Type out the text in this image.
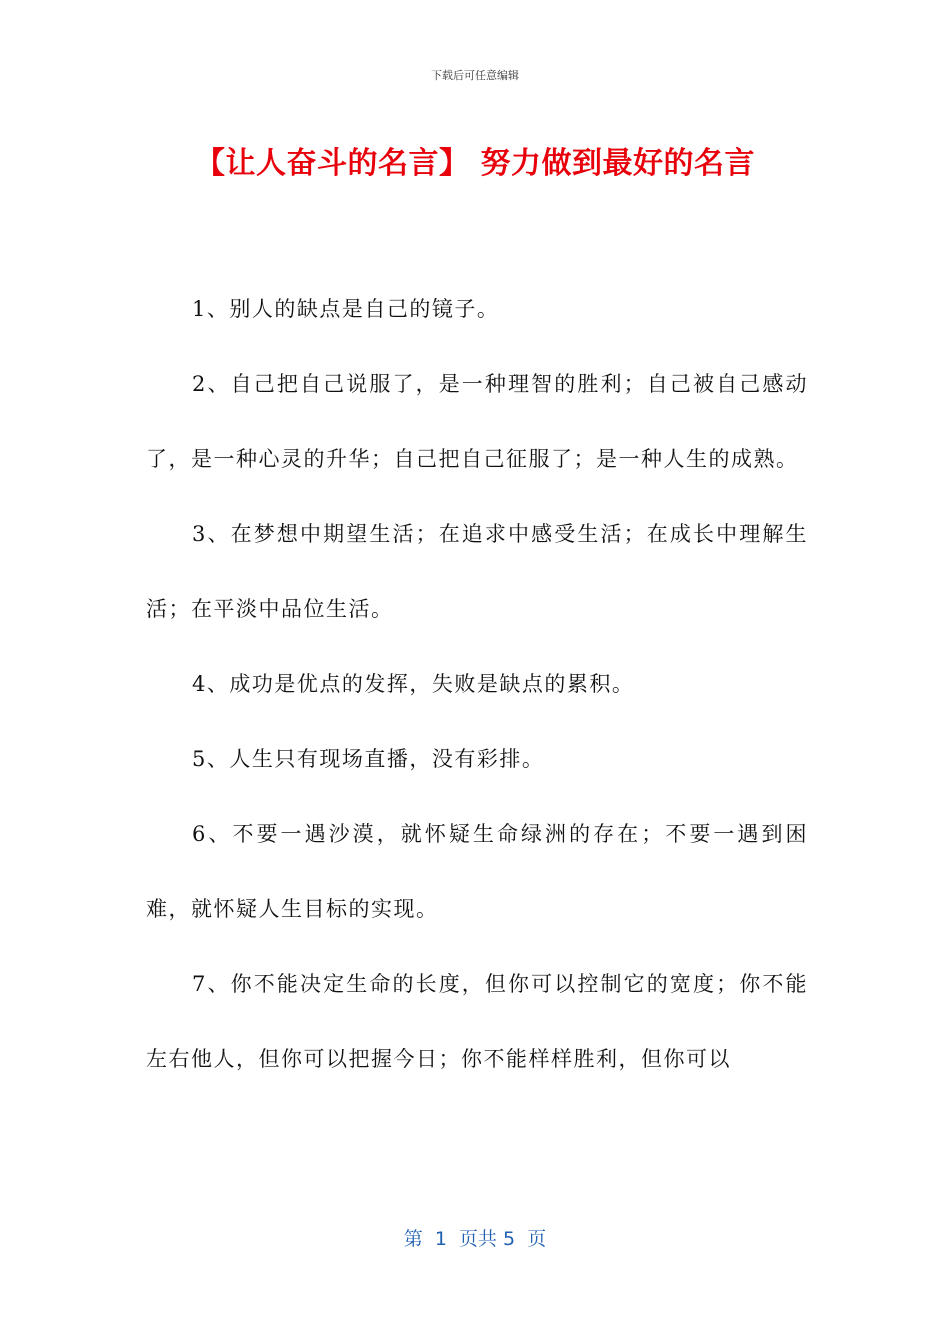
下载后可任意编辑
【让人奋斗的名言】 努力做到最好的名言

1、别人的缺点是自己的镜子。

2、自己把自己说服了，是一种理智的胜利；自己被自己感动了，是一种心灵的升华；自己把自己征服了；是一种人生的成熟。

3、在梦想中期望生活；在追求中感受生活；在成长中理解生活；在平淡中品位生活。

4、成功是优点的发挥，失败是缺点的累积。

5、人生只有现场直播，没有彩排。

6、不要一遇沙漠，就怀疑生命绿洲的存在；不要一遇到困难，就怀疑人生目标的实现。

7、你不能决定生命的长度，但你可以控制它的宽度；你不能左右他人，但你可以把握今日；你不能样样胜利，但你可以

第  1  页共 5  页
